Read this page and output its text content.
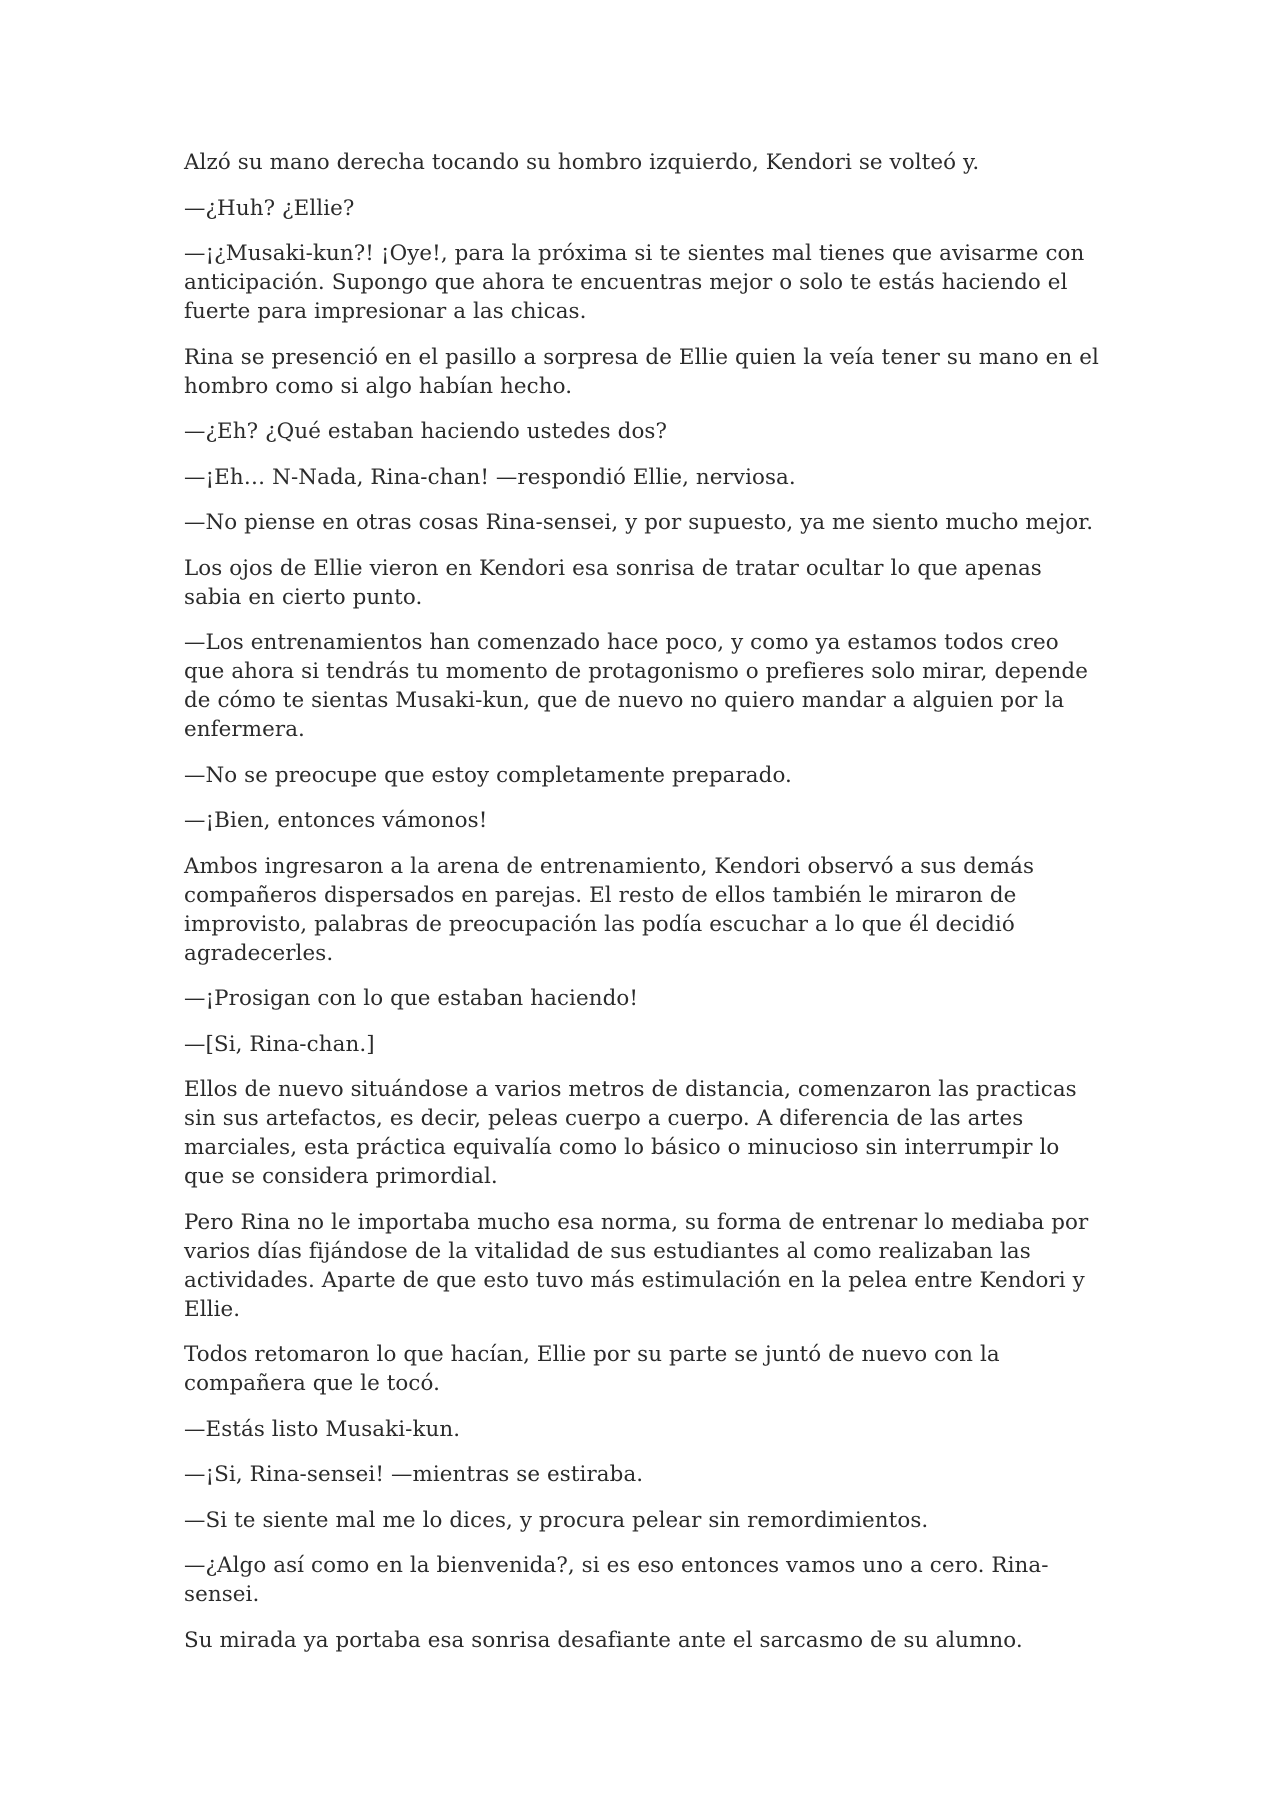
Alzó su mano derecha tocando su hombro izquierdo, Kendori se volteó y.

—¿Huh? ¿Ellie?

—¡¿Musaki-kun?! ¡Oye!, para la próxima si te sientes mal tienes que avisarme con anticipación. Supongo que ahora te encuentras mejor o solo te estás haciendo el fuerte para impresionar a las chicas.

Rina se presenció en el pasillo a sorpresa de Ellie quien la veía tener su mano en el hombro como si algo habían hecho.

—¿Eh? ¿Qué estaban haciendo ustedes dos?

—¡Eh… N-Nada, Rina-chan! —respondió Ellie, nerviosa.

—No piense en otras cosas Rina-sensei, y por supuesto, ya me siento mucho mejor.

Los ojos de Ellie vieron en Kendori esa sonrisa de tratar ocultar lo que apenas sabia en cierto punto.

—Los entrenamientos han comenzado hace poco, y como ya estamos todos creo que ahora si tendrás tu momento de protagonismo o prefieres solo mirar, depende de cómo te sientas Musaki-kun, que de nuevo no quiero mandar a alguien por la enfermera.

—No se preocupe que estoy completamente preparado.

—¡Bien, entonces vámonos!

Ambos ingresaron a la arena de entrenamiento, Kendori observó a sus demás compañeros dispersados en parejas. El resto de ellos también le miraron de improvisto, palabras de preocupación las podía escuchar a lo que él decidió agradecerles.

—¡Prosigan con lo que estaban haciendo!

—[Si, Rina-chan.]

Ellos de nuevo situándose a varios metros de distancia, comenzaron las practicas sin sus artefactos, es decir, peleas cuerpo a cuerpo. A diferencia de las artes marciales, esta práctica equivalía como lo básico o minucioso sin interrumpir lo que se considera primordial.

Pero Rina no le importaba mucho esa norma, su forma de entrenar lo mediaba por varios días fijándose de la vitalidad de sus estudiantes al como realizaban las actividades. Aparte de que esto tuvo más estimulación en la pelea entre Kendori y Ellie.

Todos retomaron lo que hacían, Ellie por su parte se juntó de nuevo con la compañera que le tocó.

—Estás listo Musaki-kun.

—¡Si, Rina-sensei! —mientras se estiraba.

—Si te siente mal me lo dices, y procura pelear sin remordimientos.

—¿Algo así como en la bienvenida?, si es eso entonces vamos uno a cero. Rina-sensei.

Su mirada ya portaba esa sonrisa desafiante ante el sarcasmo de su alumno.
